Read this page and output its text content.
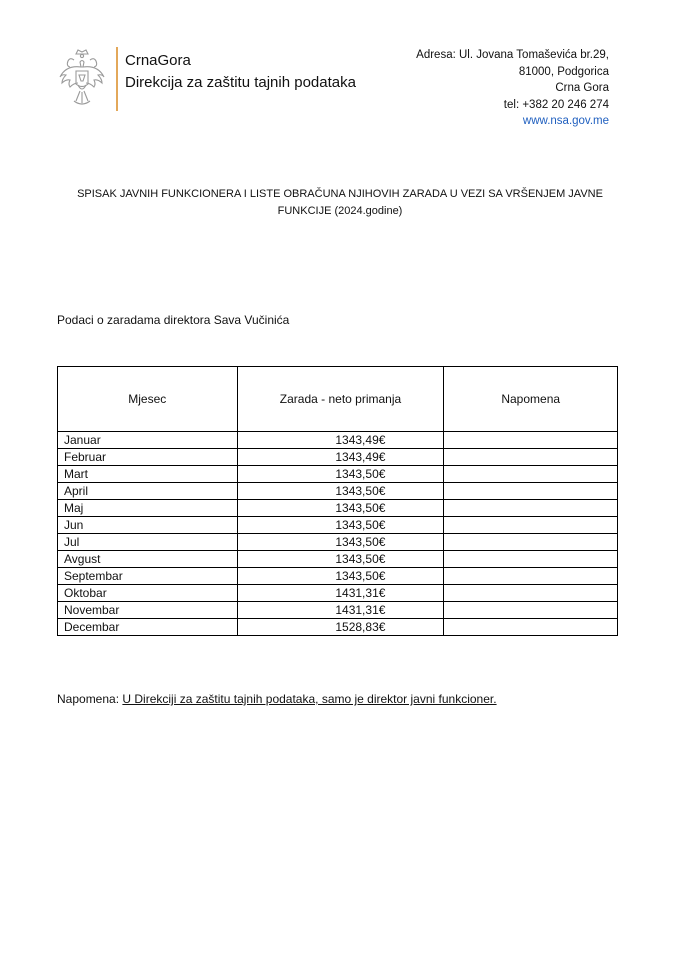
CrnaGora
Direkcija za zaštitu tajnih podataka
Adresa: Ul. Jovana Tomaševića br.29,
81000, Podgorica
Crna Gora
tel: +382 20 246 274
www.nsa.gov.me
SPISAK JAVNIH FUNKCIONERA I LISTE OBRAČUNA NJIHOVIH ZARADA U VEZI SA VRŠENJEM JAVNE
FUNKCIJE (2024.godine)
Podaci o zaradama direktora Sava Vučinića
Mjesec	Zarada - neto primanja	Napomena
Januar	1343,49€	
Februar	1343,49€	
Mart	1343,50€	
April	1343,50€	
Maj	1343,50€	
Jun	1343,50€	
Jul	1343,50€	
Avgust	1343,50€	
Septembar	1343,50€	
Oktobar	1431,31€	
Novembar	1431,31€	
Decembar	1528,83€	
Napomena: U Direkciji za zaštitu tajnih podataka, samo je direktor javni funkcioner.
